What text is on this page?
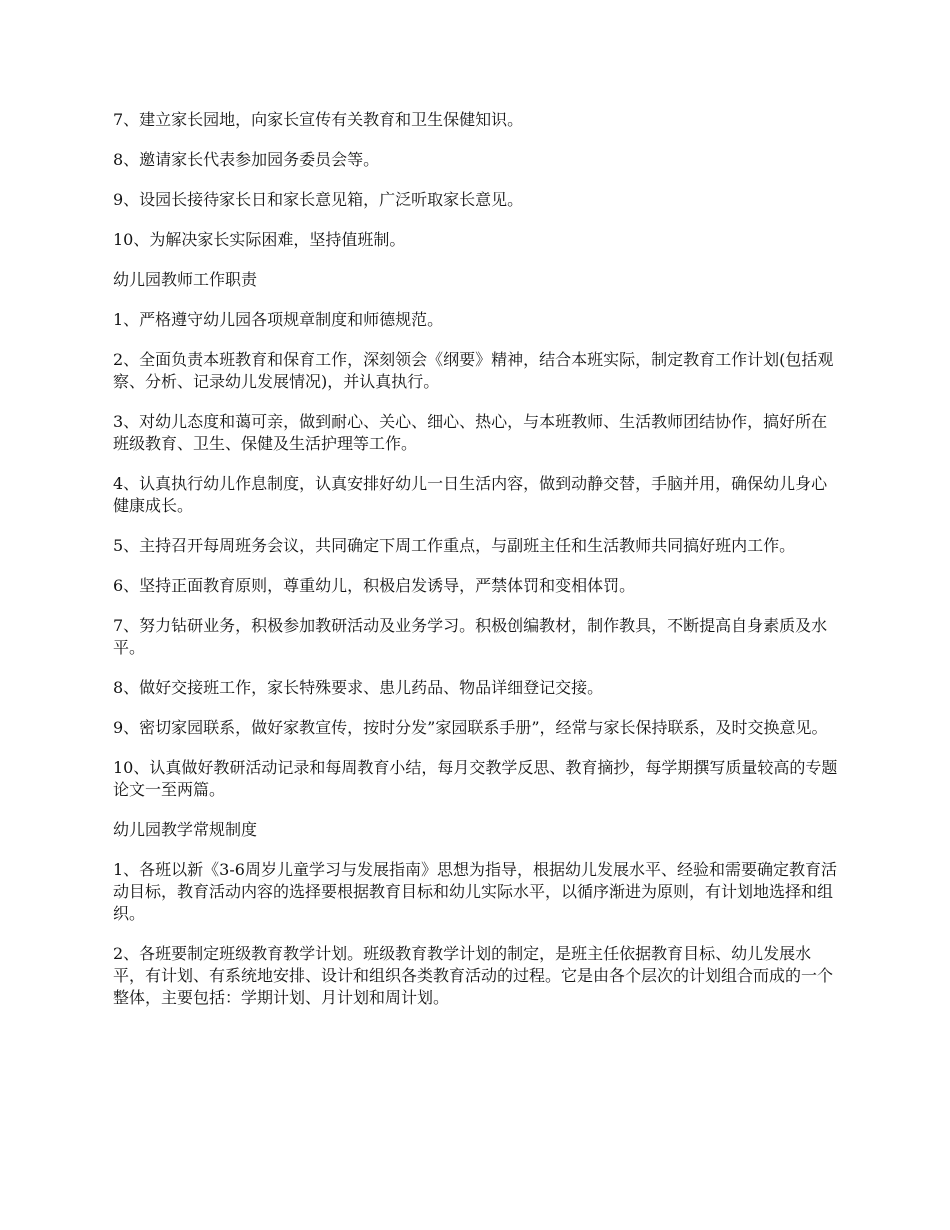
7、建立家长园地，向家长宣传有关教育和卫生保健知识。

8、邀请家长代表参加园务委员会等。

9、设园长接待家长日和家长意见箱，广泛听取家长意见。

10、为解决家长实际困难，坚持值班制。

幼儿园教师工作职责

1、严格遵守幼儿园各项规章制度和师德规范。

2、全面负责本班教育和保育工作，深刻领会《纲要》精神，结合本班实际，制定教育工作计划(包括观察、分析、记录幼儿发展情况)，并认真执行。

3、对幼儿态度和蔼可亲，做到耐心、关心、细心、热心，与本班教师、生活教师团结协作，搞好所在班级教育、卫生、保健及生活护理等工作。

4、认真执行幼儿作息制度，认真安排好幼儿一日生活内容，做到动静交替，手脑并用，确保幼儿身心健康成长。

5、主持召开每周班务会议，共同确定下周工作重点，与副班主任和生活教师共同搞好班内工作。

6、坚持正面教育原则，尊重幼儿，积极启发诱导，严禁体罚和变相体罚。

7、努力钻研业务，积极参加教研活动及业务学习。积极创编教材，制作教具，不断提高自身素质及水平。

8、做好交接班工作，家长特殊要求、患儿药品、物品详细登记交接。

9、密切家园联系，做好家教宣传，按时分发”家园联系手册”，经常与家长保持联系，及时交换意见。

10、认真做好教研活动记录和每周教育小结，每月交教学反思、教育摘抄，每学期撰写质量较高的专题论文一至两篇。

幼儿园教学常规制度

1、各班以新《3-6周岁儿童学习与发展指南》思想为指导，根据幼儿发展水平、经验和需要确定教育活动目标，教育活动内容的选择要根据教育目标和幼儿实际水平，以循序渐进为原则，有计划地选择和组织。

2、各班要制定班级教育教学计划。班级教育教学计划的制定，是班主任依据教育目标、幼儿发展水平，有计划、有系统地安排、设计和组织各类教育活动的过程。它是由各个层次的计划组合而成的一个整体，主要包括：学期计划、月计划和周计划。
